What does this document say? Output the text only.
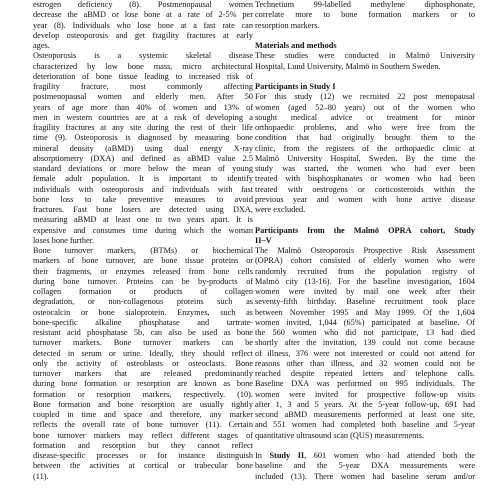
estrogen deficiency (8). Postmenopausal women
decrease the aBMD or lose bone at a rate of 2-5% per
year (8). Individuals who lose bone at a fast rate can
develop osteoporosis and get fragility fractures at early
ages.
Osteoporosis is a systemic skeletal disease
characterized by low bone mass, micro architectural
deterioration of bone tissue leading to increased risk of
fragility fracture, most commonly affecting
postmenopausal women and elderly men. After 50
years of age more than 40% of women and 13% of
men in western countries are at a risk of developing a
fragility fractures at any site during the rest of their life
time (9). Osteoporosis is diagnosed by measuring bone
mineral density (aBMD) using dual energy X-ray
absorptiometry (DXA) and defined as aBMD value 2.5
standard deviations or more below the mean of young
female adult population. It is important to identify
individuals with osteoporosis and individuals with fast
bone loss to take preventive measures to avoid
fractures. Fast bone losers are detected using DXA,
measuring aBMD at least one to two years apart. It is
expensive and consumes time during which the woman
loses bone further.
Bone turnover markers, (BTMs) or biochemical
markers of bone turnover, are bone tissue proteins or
their fragments, or enzymes released from bone cells
during bone turnover. Proteins can be by-products of
collagen formation or products of collagen
degradation, or non-collagenous proteins such as
osteocalcin or bone sialoprotein. Enzymes, such as
bone-specific alkaline phosphatase and tartrate-
resistant acid phosphatase 5b, can also be used as bone
turnover markers. Bone turnover markers can be
detected in serum or urine. Ideally, they should reflect
only the activity of osteoblasts or osteoclasts. Bone
turnover markers that are released predominantly
during bone formation or resorption are known as bone
formation or resorption markers, respectively. (10).
Bone formation and bone resorption are usually tightly
coupled in time and space and therefore, any marker
reflects the overall rate of bone turnover (11). Certain
bone turnover markers may reflect different stages of
formation and resorption but they cannot reflect
disease-specific processes or for instance distinguish
between the activities at cortical or trabecular bone
(11).
Technetium 99-labelled methylene diphosphonate,
correlate more to bone formation markers or to
resorption markers.
Materials and methods
These studies were conducted in Malmö University
Hospital, Lund University, Malmö in Southern Sweden.
Participants in Study I
For this study (12) we recruited 22 post menopausal
women (aged 52–80 years) out of the women who
sought medical advice or treatment for minor
orthopaedic problems, and who were free from the
condition that had originally brought them to the
clinic, from the registers of the orthopaedic clinic at
Malmö University Hospital, Sweden. By the time the
study was started, the women who had ever been
treated with bisphosphanates or women who had been
treated with oestrogens or corticosteroids within the
previous year and women with bone active disease
were excluded.
Participants from the Malmö OPRA cohort, Study
II–V
The Malmö Osteoporosis Prospective Risk Assessment
(OPRA) cohort consisted of elderly women who were
randomly recruited from the population registry of
Malmö city (13-16). For the baseline investigation, 1604
women were invited by mail one week after their
seventy-fifth birthday. Baseline recruitment took place
between November 1995 and May 1999. Of the 1,604
women invited, 1,044 (65%) participated at baseline. Of
the 560 women who did not participate, 13 had died
shortly after the invitation, 139 could not come because
of illness, 376 were not interested or could not attend for
reasons other than illness, and 32 women could not be
reached despite repeated letters and telephone calls.
Baseline DXA was performed on 995 individuals. The
women were invited for prospective follow-up visits
after 1, 3 and 5 years. At the 5-year follow-up, 691 had
second aBMD measurements performed at least one site,
and 551 women had completed both baseline and 5-year
quantitative ultrasound scan (QUS) measurements.
In Study II, 601 women who had attended both the
baseline and the 5-year DXA measurements were
included (13). There women had baseline serum and/or
